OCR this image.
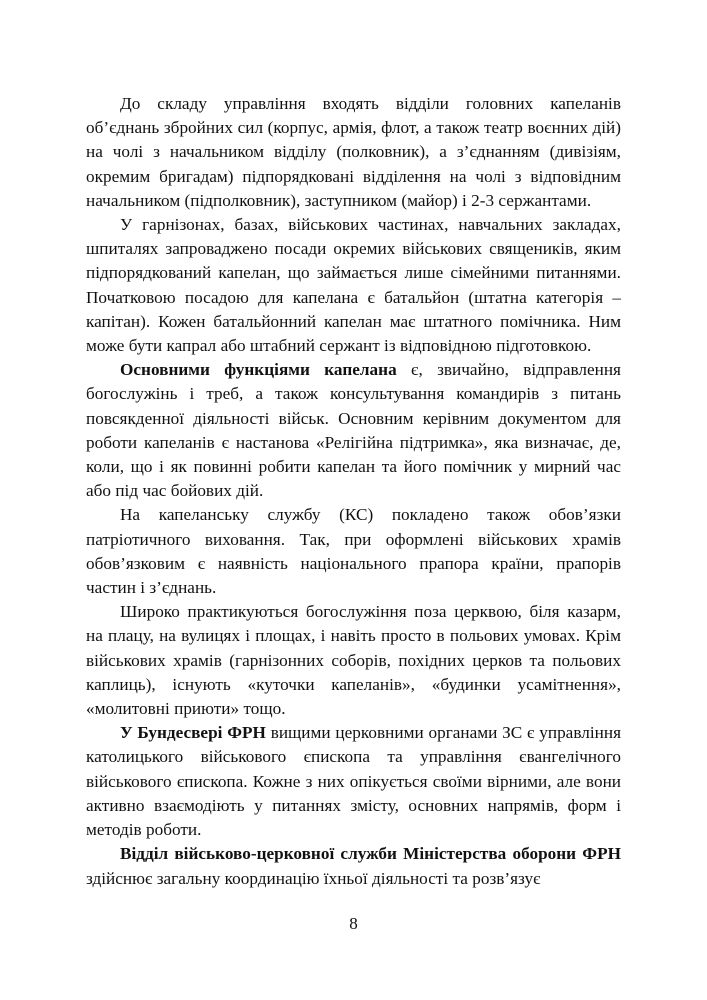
До складу управління входять відділи головних капеланів об’єднань збройних сил (корпус, армія, флот, а також театр воєнних дій) на чолі з начальником відділу (полковник), а з’єднанням (дивізіям, окремим бригадам) підпорядковані відділення на чолі з відповідним начальником (підполковник), заступником (майор) і 2-3 сержантами.

У гарнізонах, базах, військових частинах, навчальних закладах, шпиталях запроваджено посади окремих військових священиків, яким підпорядкований капелан, що займається лише сімейними питаннями. Початковою посадою для капелана є батальйон (штатна категорія – капітан). Кожен батальйонний капелан має штатного помічника. Ним може бути капрал або штабний сержант із відповідною підготовкою.

Основними функціями капелана є, звичайно, відправлення богослужінь і треб, а також консультування командирів з питань повсякденної діяльності військ. Основним керівним документом для роботи капеланів є настанова «Релігійна підтримка», яка визначає, де, коли, що і як повинні робити капелан та його помічник у мирний час або під час бойових дій.

На капеланську службу (КС) покладено також обов’язки патріотичного виховання. Так, при оформлені військових храмів обов’язковим є наявність національного прапора країни, прапорів частин і з’єднань.

Широко практикуються богослужіння поза церквою, біля казарм, на плацу, на вулицях і площах, і навіть просто в польових умовах. Крім військових храмів (гарнізонних соборів, похідних церков та польових каплиць), існують «куточки капеланів», «будинки усамітнення», «молитовні приюти» тощо.

У Бундесвері ФРН вищими церковними органами ЗС є управління католицького військового єпископа та управління євангелічного військового єпископа. Кожне з них опікується своїми вірними, але вони активно взаємодіють у питаннях змісту, основних напрямів, форм і методів роботи.

Відділ військово-церковної служби Міністерства оборони ФРН здійснює загальну координацію їхньої діяльності та розв’язує

8
